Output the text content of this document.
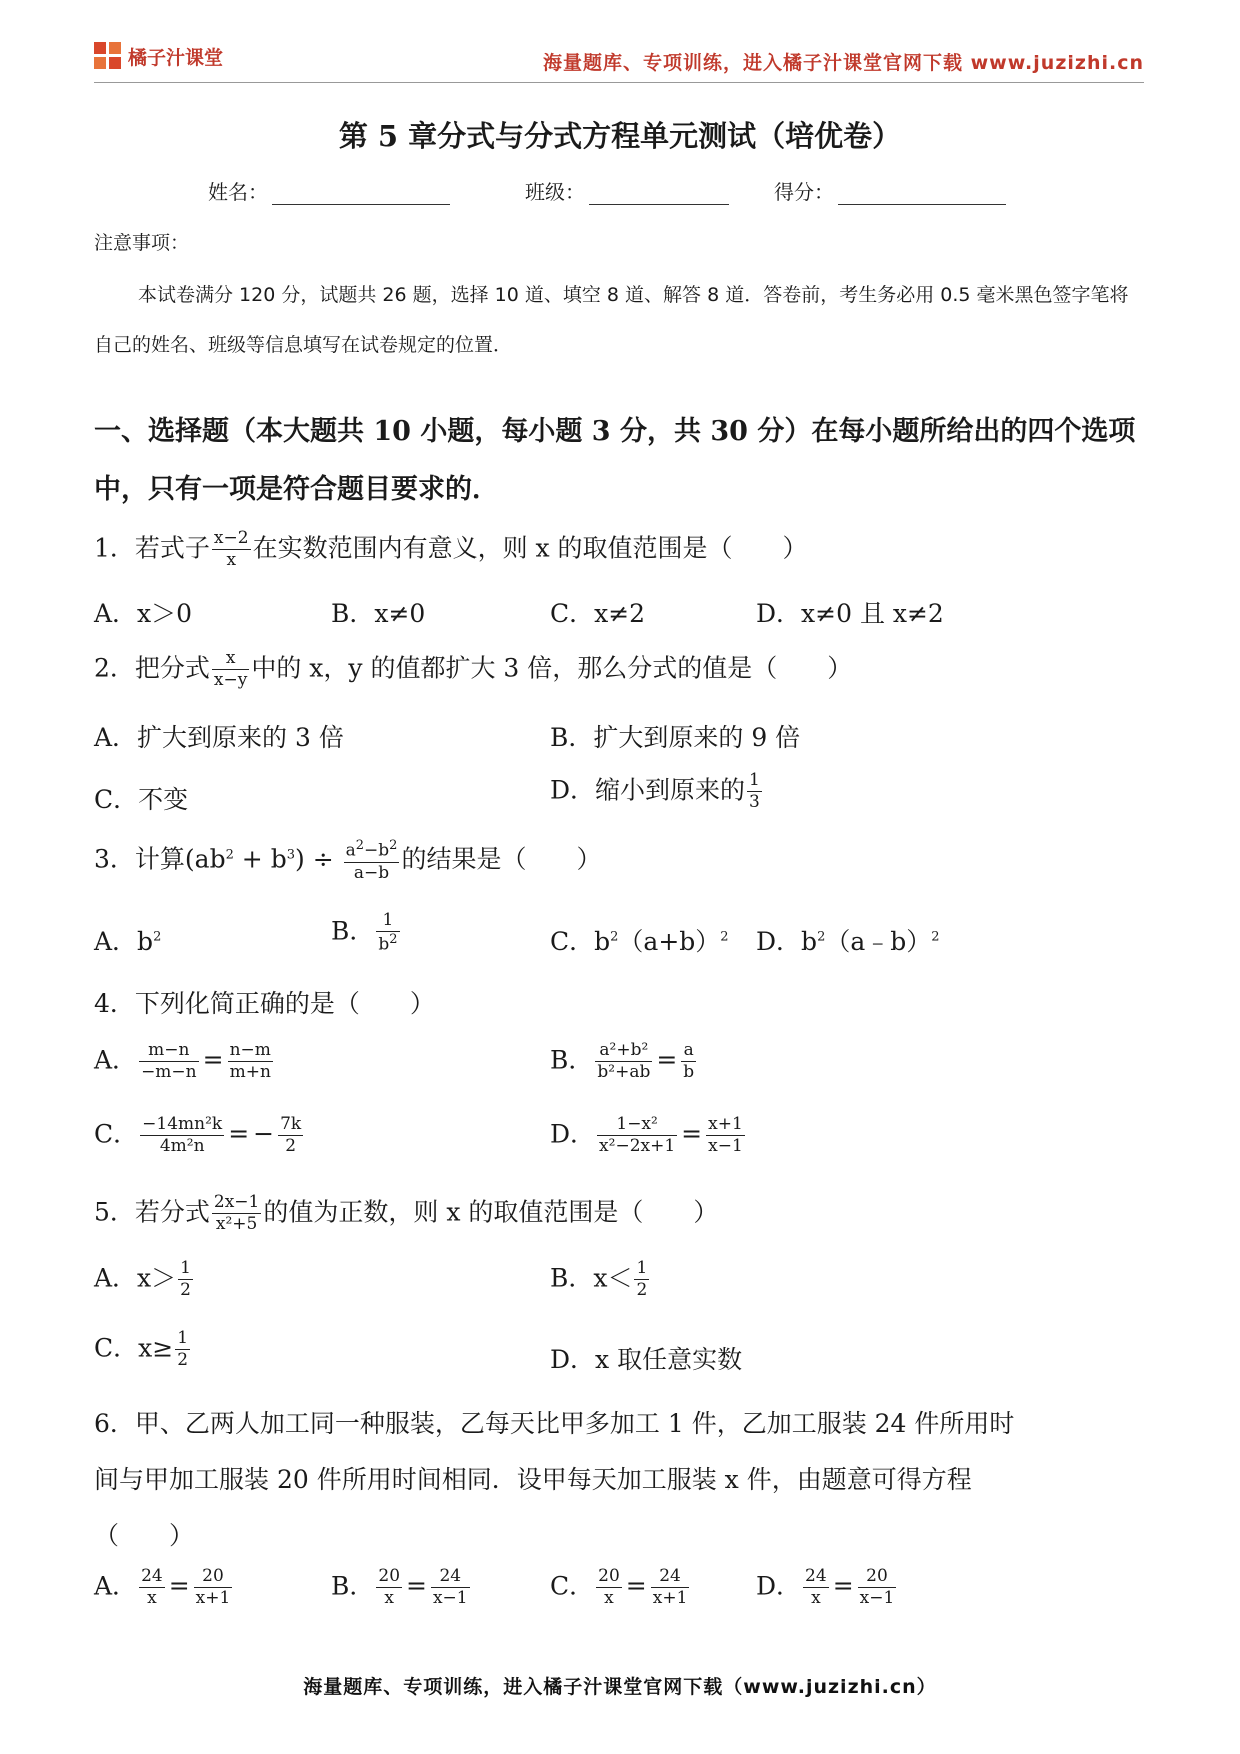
橘子汁课堂	海量题库、专项训练，进入橘子汁课堂官网下载 www.juzizhi.cn
第 5 章分式与分式方程单元测试（培优卷）
姓名：	班级：	得分：
注意事项：
本试卷满分 120 分，试题共 26 题，选择 10 道、填空 8 道、解答 8 道．答卷前，考生务必用 0.5 毫米黑色签字笔将自己的姓名、班级等信息填写在试卷规定的位置．
一、选择题（本大题共 10 小题，每小题 3 分，共 30 分）在每小题所给出的四个选项中，只有一项是符合题目要求的．
1．若式子 $\frac{x-2}{x}$ 在实数范围内有意义，则 x 的取值范围是（　　）
A．x＞0	B．x≠0	C．x≠2	D．x≠0 且 x≠2
2．把分式 $\frac{x}{x-y}$ 中的 x，y 的值都扩大 3 倍，那么分式的值是（　　）
A．扩大到原来的 3 倍	B．扩大到原来的 9 倍
C．不变	D．缩小到原来的 $\frac{1}{3}$
3．计算$(ab^2 + b^3) \div \frac{a^2-b^2}{a-b}$ 的结果是（　　）
A．$b^2$	B． $\frac{1}{b^2}$	C．$b^2(a+b)^2$ D．$b^2(a﹣b)^2$
4．下列化简正确的是（　　）
A． $\frac{m-n}{-m-n} = \frac{n-m}{m+n}$	B． $\frac{\text{a²+b²}}{\text{b²+ab}} = \frac{a}{b}$
C． $\frac{\text{−14mn²k}}{\text{4m²n}}$ = − $\frac{7k}{2}$	D． $\frac{\text{1−x²}}{\text{x²−2x+1}} = \frac{x+1}{x-1}$
5．若分式 $\frac{2x-1}{\text{x²+5}}$ 的值为正数，则 x 的取值范围是（　　）
A．$x> \frac{1}{2}$	B．$x< \frac{1}{2}$
C．$x\ge \frac{1}{2}$	D．x 取任意实数
6．甲、乙两人加工同一种服装，乙每天比甲多加工 1 件，乙加工服装 24 件所用时
间与甲加工服装 20 件所用时间相同．设甲每天加工服装 x 件，由题意可得方程
（　　）
A． $\frac{24}{x} = \frac{20}{x+1}$	B． $\frac{20}{x} = \frac{24}{x-1}$	C． $\frac{20}{x} = \frac{24}{x+1}$	D． $\frac{24}{x} = \frac{20}{x-1}$
海量题库、专项训练，进入橘子汁课堂官网下载（www.juzizhi.cn）
